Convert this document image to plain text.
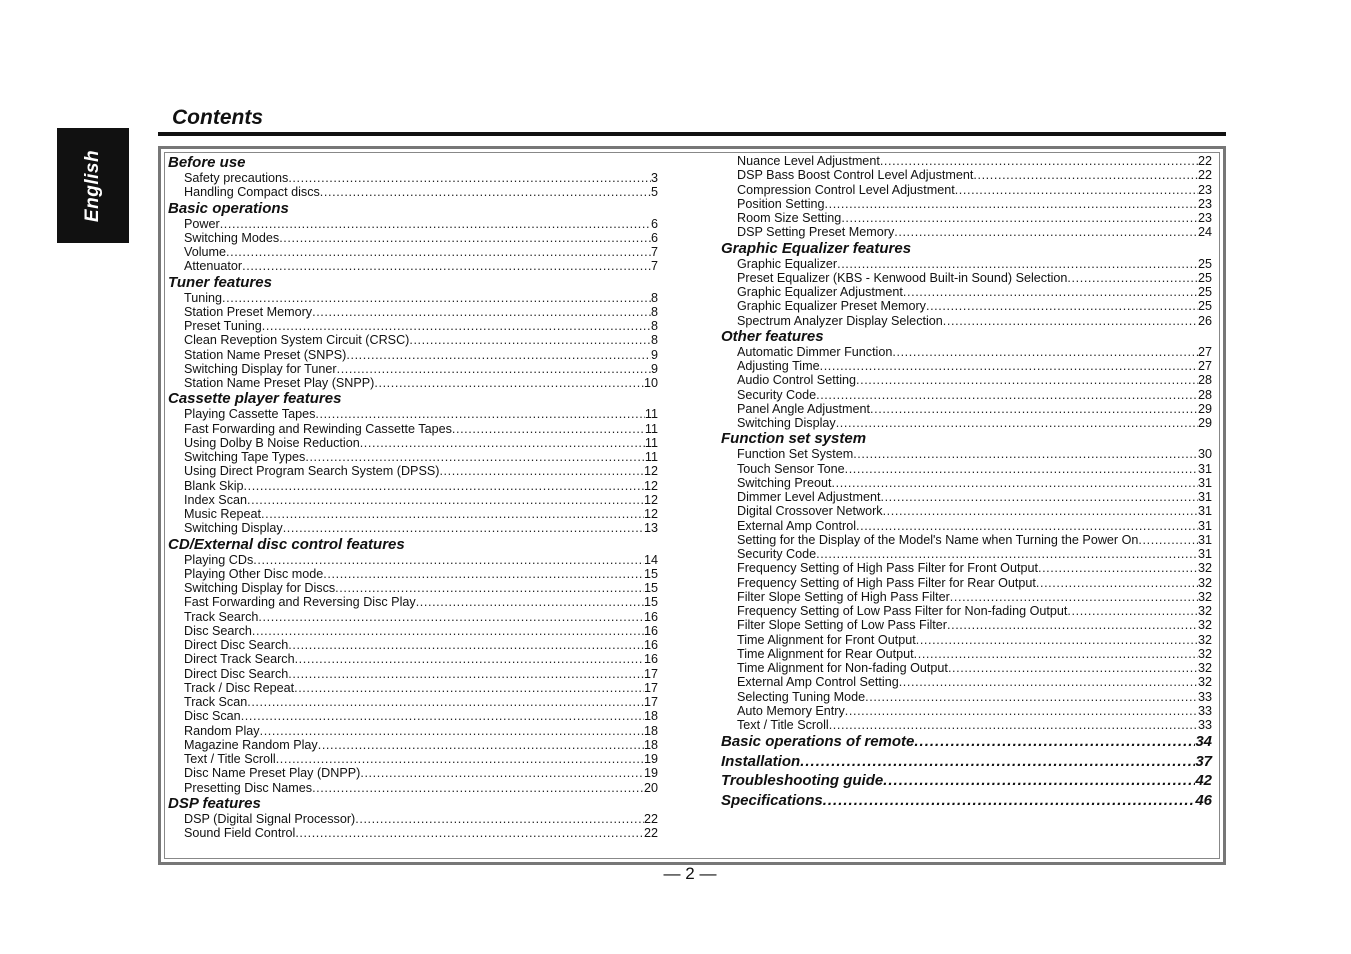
English
Contents
Before use
Safety precautions .....	3
Handling Compact discs .....	5
Basic operations
Power .....	6
Switching Modes .....	6
Volume .....	7
Attenuator .....	7
Tuner features
Tuning .....	8
Station Preset Memory .....	8
Preset Tuning .....	8
Clean Reveption System Circuit (CRSC) .....	8
Station Name Preset (SNPS) .....	9
Switching Display for Tuner .....	9
Station Name Preset Play (SNPP) .....	10
Cassette player features
Playing Cassette Tapes .....	11
Fast Forwarding and Rewinding Cassette Tapes .....	11
Using Dolby B Noise Reduction .....	11
Switching Tape Types .....	11
Using Direct Program Search System (DPSS) .....	12
Blank Skip .....	12
Index Scan .....	12
Music Repeat .....	12
Switching Display .....	13
CD/External disc control features
Playing CDs .....	14
Playing Other Disc mode .....	15
Switching Display for Discs .....	15
Fast Forwarding and Reversing Disc Play .....	15
Track Search .....	16
Disc Search .....	16
Direct Disc Search .....	16
Direct Track Search .....	16
Direct Disc Search .....	17
Track / Disc Repeat .....	17
Track Scan .....	17
Disc Scan .....	18
Random Play .....	18
Magazine Random Play .....	18
Text / Title Scroll .....	19
Disc Name Preset Play (DNPP) .....	19
Presetting Disc Names .....	20
DSP features
DSP (Digital Signal Processor) .....	22
Sound Field Control .....	22
Nuance Level Adjustment .....	22
DSP Bass Boost Control Level Adjustment .....	22
Compression Control Level Adjustment .....	23
Position Setting .....	23
Room Size Setting .....	23
DSP Setting Preset Memory .....	24
Graphic Equalizer features
Graphic Equalizer .....	25
Preset Equalizer (KBS - Kenwood Built-in Sound) Selection .....	25
Graphic Equalizer Adjustment .....	25
Graphic Equalizer Preset Memory .....	25
Spectrum Analyzer Display Selection .....	26
Other features
Automatic Dimmer Function .....	27
Adjusting Time .....	27
Audio Control Setting .....	28
Security Code .....	28
Panel Angle Adjustment .....	29
Switching Display .....	29
Function set system
Function Set System .....	30
Touch Sensor Tone .....	31
Switching Preout .....	31
Dimmer Level Adjustment .....	31
Digital Crossover Network .....	31
External Amp Control .....	31
Setting for the Display of the Model's Name when Turning the Power On .....	31
Security Code .....	31
Frequency Setting of High Pass Filter for Front Output .....	32
Frequency Setting of High Pass Filter for Rear Output .....	32
Filter Slope Setting of High Pass Filter .....	32
Frequency Setting of Low Pass Filter for Non-fading Output .....	32
Filter Slope Setting of Low Pass Filter .....	32
Time Alignment for Front Output .....	32
Time Alignment for Rear Output .....	32
Time Alignment for Non-fading Output .....	32
External Amp Control Setting .....	32
Selecting Tuning Mode .....	33
Auto Memory Entry .....	33
Text / Title Scroll .....	33
Basic operations of remote .....	34
Installation .....	37
Troubleshooting guide .....	42
Specifications .....	46
— 2 —
